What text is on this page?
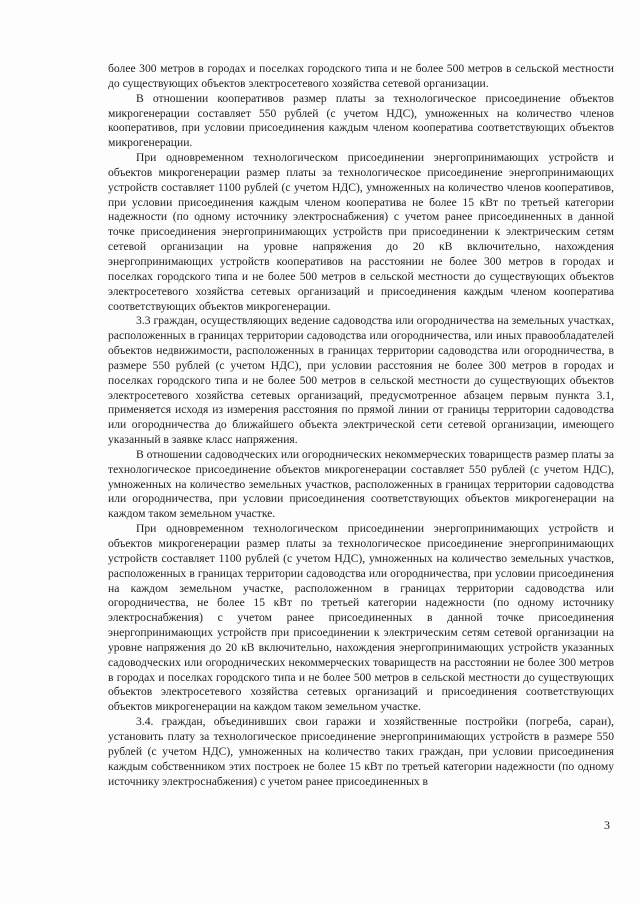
более 300 метров в городах и поселках городского типа и не более 500 метров в сельской местности до существующих объектов электросетевого хозяйства сетевой организации.

В отношении кооперативов размер платы за технологическое присоединение объектов микрогенерации составляет 550 рублей (с учетом НДС), умноженных на количество членов кооперативов, при условии присоединения каждым членом кооператива соответствующих объектов микрогенерации.

При одновременном технологическом присоединении энергопринимающих устройств и объектов микрогенерации размер платы за технологическое присоединение энергопринимающих устройств составляет 1100 рублей (с учетом НДС), умноженных на количество членов кооперативов, при условии присоединения каждым членом кооператива не более 15 кВт по третьей категории надежности (по одному источнику электроснабжения) с учетом ранее присоединенных в данной точке присоединения энергопринимающих устройств при присоединении к электрическим сетям сетевой организации на уровне напряжения до 20 кВ включительно, нахождения энергопринимающих устройств кооперативов на расстоянии не более 300 метров в городах и поселках городского типа и не более 500 метров в сельской местности до существующих объектов электросетевого хозяйства сетевых организаций и присоединения каждым членом кооператива соответствующих объектов микрогенерации.

3.3 граждан, осуществляющих ведение садоводства или огородничества на земельных участках, расположенных в границах территории садоводства или огородничества, или иных правообладателей объектов недвижимости, расположенных в границах территории садоводства или огородничества, в размере 550 рублей (с учетом НДС), при условии расстояния не более 300 метров в городах и поселках городского типа и не более 500 метров в сельской местности до существующих объектов электросетевого хозяйства сетевых организаций, предусмотренное абзацем первым пункта 3.1, применяется исходя из измерения расстояния по прямой линии от границы территории садоводства или огородничества до ближайшего объекта электрической сети сетевой организации, имеющего указанный в заявке класс напряжения.

В отношении садоводческих или огороднических некоммерческих товариществ размер платы за технологическое присоединение объектов микрогенерации составляет 550 рублей (с учетом НДС), умноженных на количество земельных участков, расположенных в границах территории садоводства или огородничества, при условии присоединения соответствующих объектов микрогенерации на каждом таком земельном участке.

При одновременном технологическом присоединении энергопринимающих устройств и объектов микрогенерации размер платы за технологическое присоединение энергопринимающих устройств составляет 1100 рублей (с учетом НДС), умноженных на количество земельных участков, расположенных в границах территории садоводства или огородничества, при условии присоединения на каждом земельном участке, расположенном в границах территории садоводства или огородничества, не более 15 кВт по третьей категории надежности (по одному источнику электроснабжения) с учетом ранее присоединенных в данной точке присоединения энергопринимающих устройств при присоединении к электрическим сетям сетевой организации на уровне напряжения до 20 кВ включительно, нахождения энергопринимающих устройств указанных садоводческих или огороднических некоммерческих товариществ на расстоянии не более 300 метров в городах и поселках городского типа и не более 500 метров в сельской местности до существующих объектов электросетевого хозяйства сетевых организаций и присоединения соответствующих объектов микрогенерации на каждом таком земельном участке.

3.4. граждан, объединивших свои гаражи и хозяйственные постройки (погреба, сараи), установить плату за технологическое присоединение энергопринимающих устройств в размере 550 рублей (с учетом НДС), умноженных на количество таких граждан, при условии присоединения каждым собственником этих построек не более 15 кВт по третьей категории надежности (по одному источнику электроснабжения) с учетом ранее присоединенных в

3
